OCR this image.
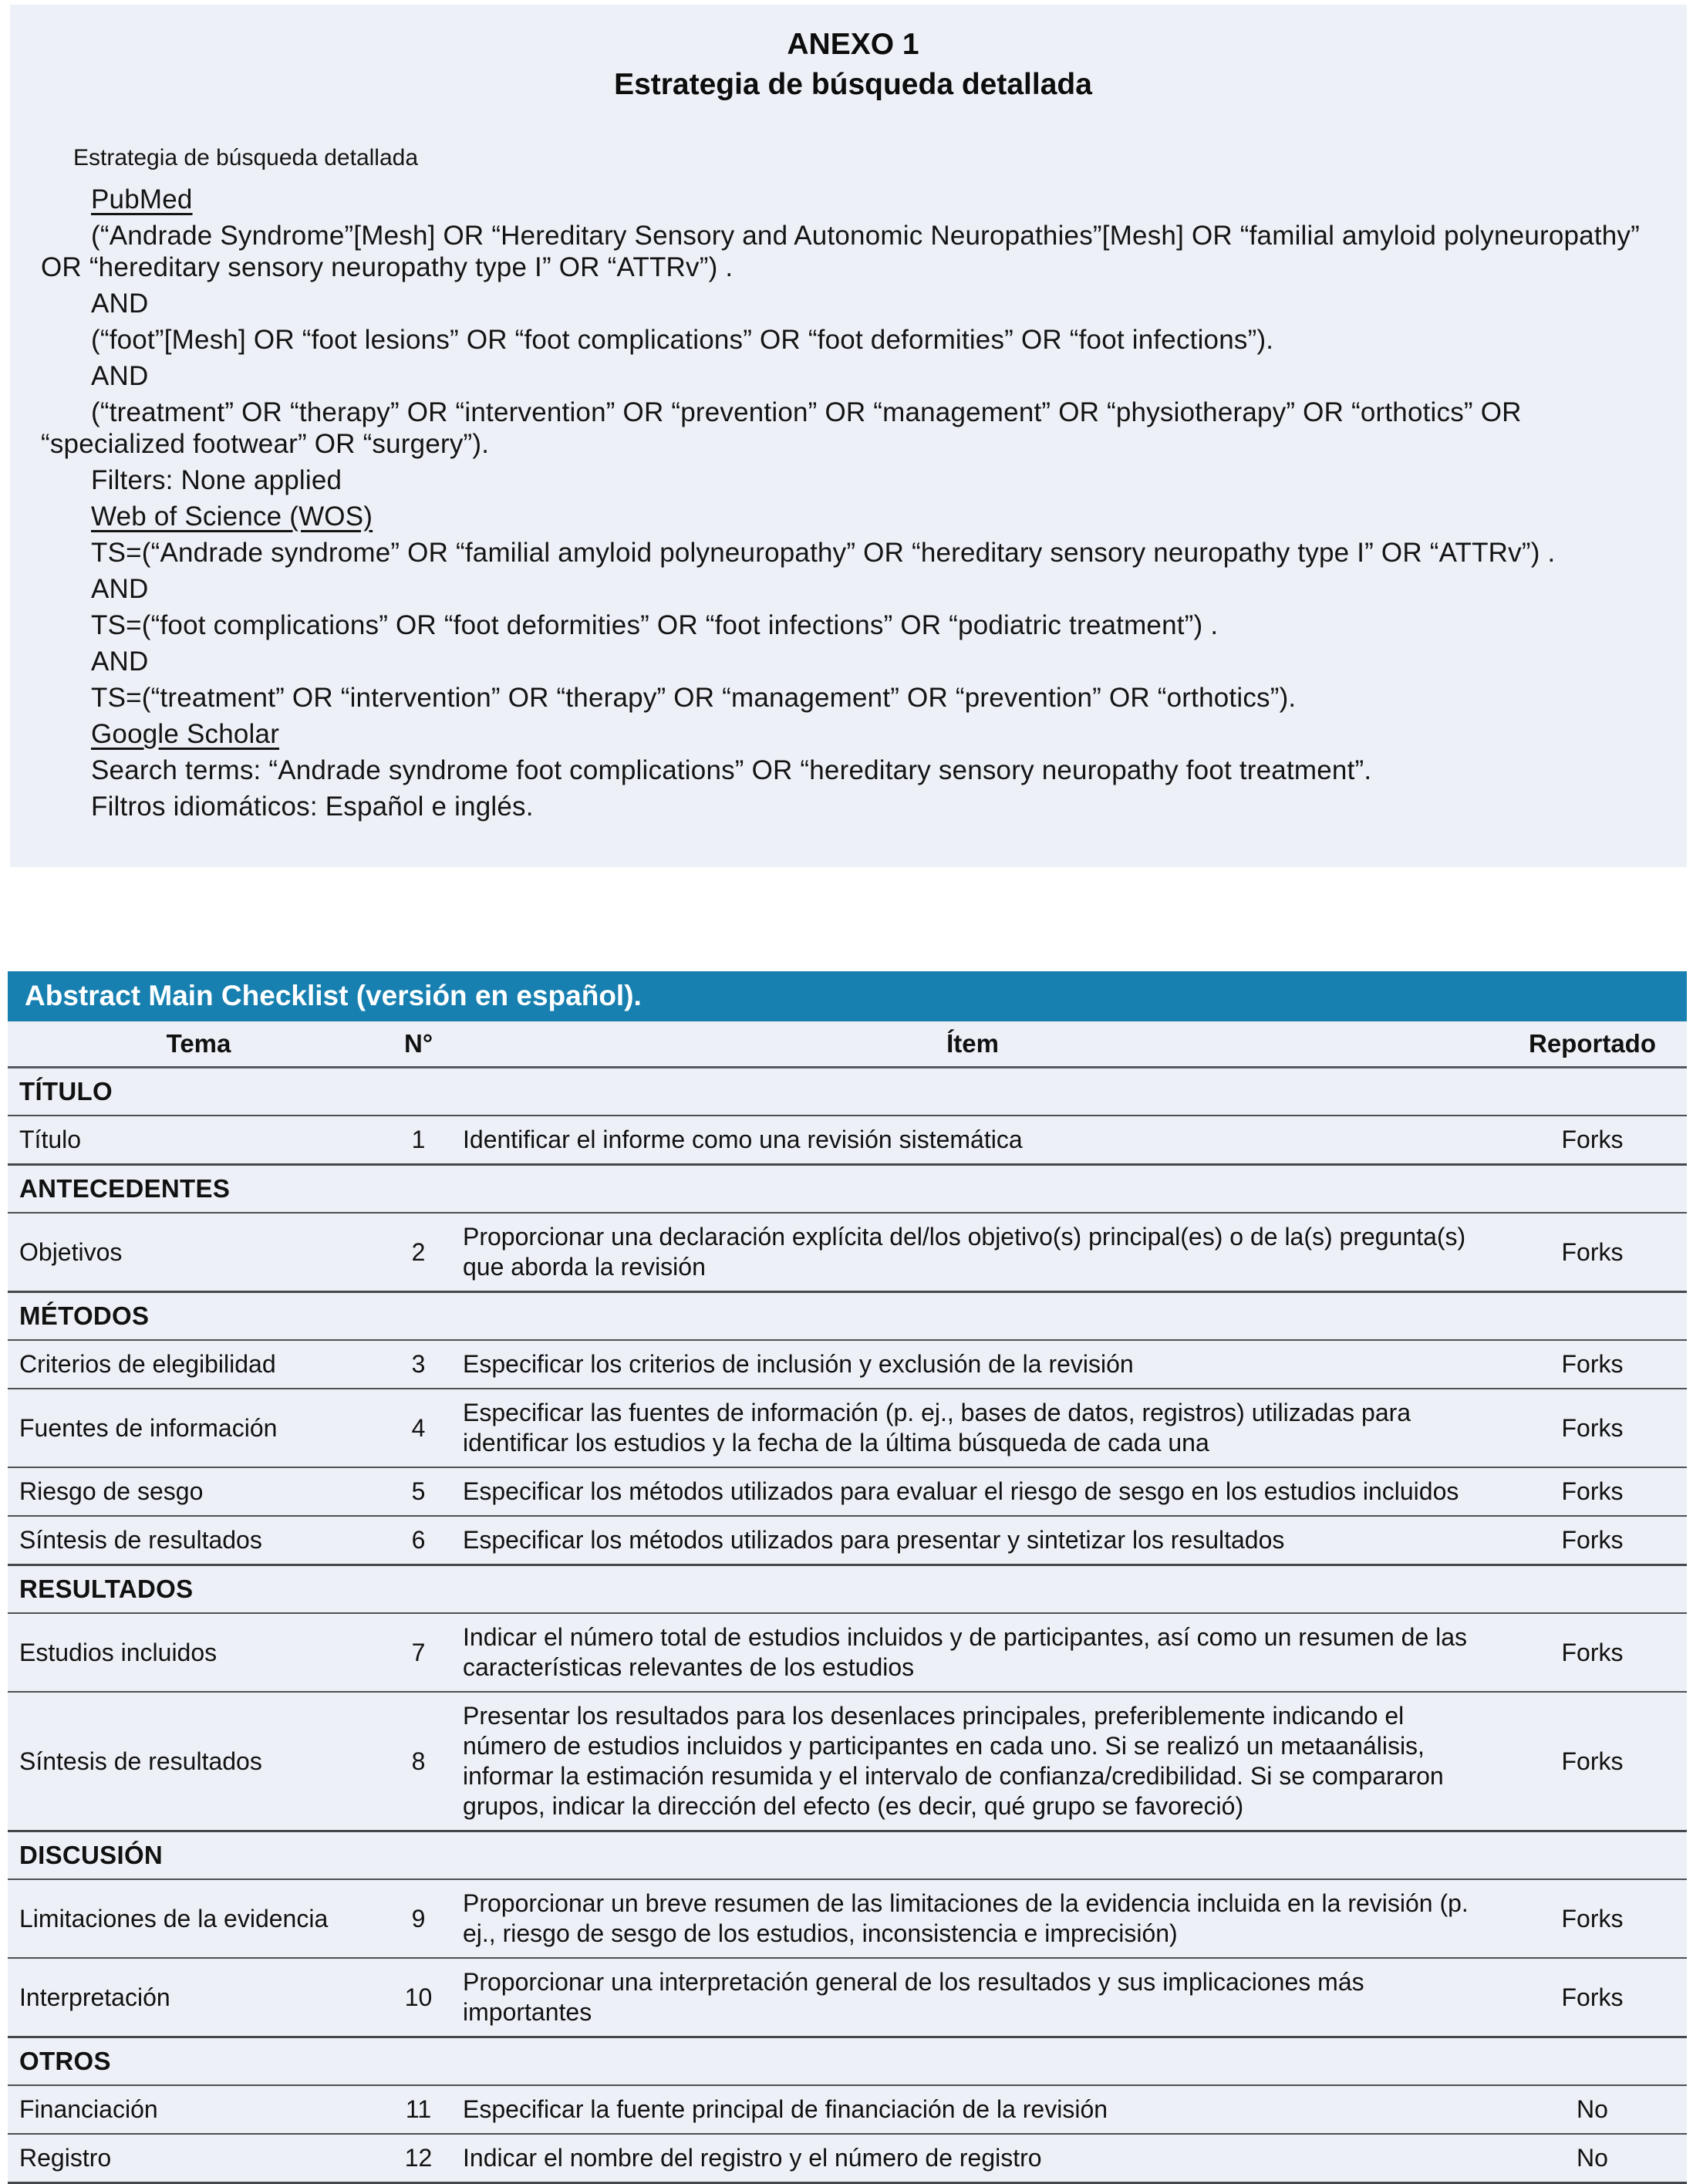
ANEXO 1
Estrategia de búsqueda detallada
Estrategia de búsqueda detallada

PubMed

(“Andrade Syndrome”[Mesh] OR “Hereditary Sensory and Autonomic Neuropathies”[Mesh] OR “familial amyloid polyneuropathy” OR “hereditary sensory neuropathy type I” OR “ATTRv”) .

AND

(“foot”[Mesh] OR “foot lesions” OR “foot complications” OR “foot deformities” OR “foot infections”).

AND

(“treatment” OR “therapy” OR “intervention” OR “prevention” OR “management” OR “physiotherapy” OR “orthotics” OR “specialized footwear” OR “surgery”).

Filters: None applied

Web of Science (WOS)

TS=(“Andrade syndrome” OR “familial amyloid polyneuropathy” OR “hereditary sensory neuropathy type I” OR “ATTRv”) .

AND

TS=(“foot complications” OR “foot deformities” OR “foot infections” OR “podiatric treatment”) .

AND

TS=(“treatment” OR “intervention” OR “therapy” OR “management” OR “prevention” OR “orthotics”).

Google Scholar

Search terms: “Andrade syndrome foot complications” OR “hereditary sensory neuropathy foot treatment”.

Filtros idiomáticos: Español e inglés.

Abstract Main Checklist (versión en español).
Tema	N°	Ítem	Reportado
TÍTULO
Título	1	Identificar el informe como una revisión sistemática	Forks
ANTECEDENTES
Objetivos	2
Proporcionar una declaración explícita del/los objetivo(s) principal(es) o de la(s) pregunta(s) que aborda la revisión
Forks
MÉTODOS
Criterios de elegibilidad	3	Especificar los criterios de inclusión y exclusión de la revisión	Forks
Fuentes de información	4
Especificar las fuentes de información (p. ej., bases de datos, registros) utilizadas para identificar los estudios y la fecha de la última búsqueda de cada una
Forks
Riesgo de sesgo	5	Especificar los métodos utilizados para evaluar el riesgo de sesgo en los estudios incluidos	Forks
Síntesis de resultados	6	Especificar los métodos utilizados para presentar y sintetizar los resultados	Forks
RESULTADOS
Estudios incluidos	7
Indicar el número total de estudios incluidos y de participantes, así como un resumen de las características relevantes de los estudios
Forks
Síntesis de resultados	8
Presentar los resultados para los desenlaces principales, preferiblemente indicando el número de estudios incluidos y participantes en cada uno. Si se realizó un metaanálisis, informar la estimación resumida y el intervalo de confianza/credibilidad. Si se compararon grupos, indicar la dirección del efecto (es decir, qué grupo se favoreció)
Forks
DISCUSIÓN
Limitaciones de la evidencia	9
Proporcionar un breve resumen de las limitaciones de la evidencia incluida en la revisión (p. ej., riesgo de sesgo de los estudios, inconsistencia e imprecisión)
Forks
Interpretación	10
Proporcionar una interpretación general de los resultados y sus implicaciones más importantes
Forks
OTROS
Financiación	11	Especificar la fuente principal de financiación de la revisión	No
Registro	12	Indicar el nombre del registro y el número de registro	No
